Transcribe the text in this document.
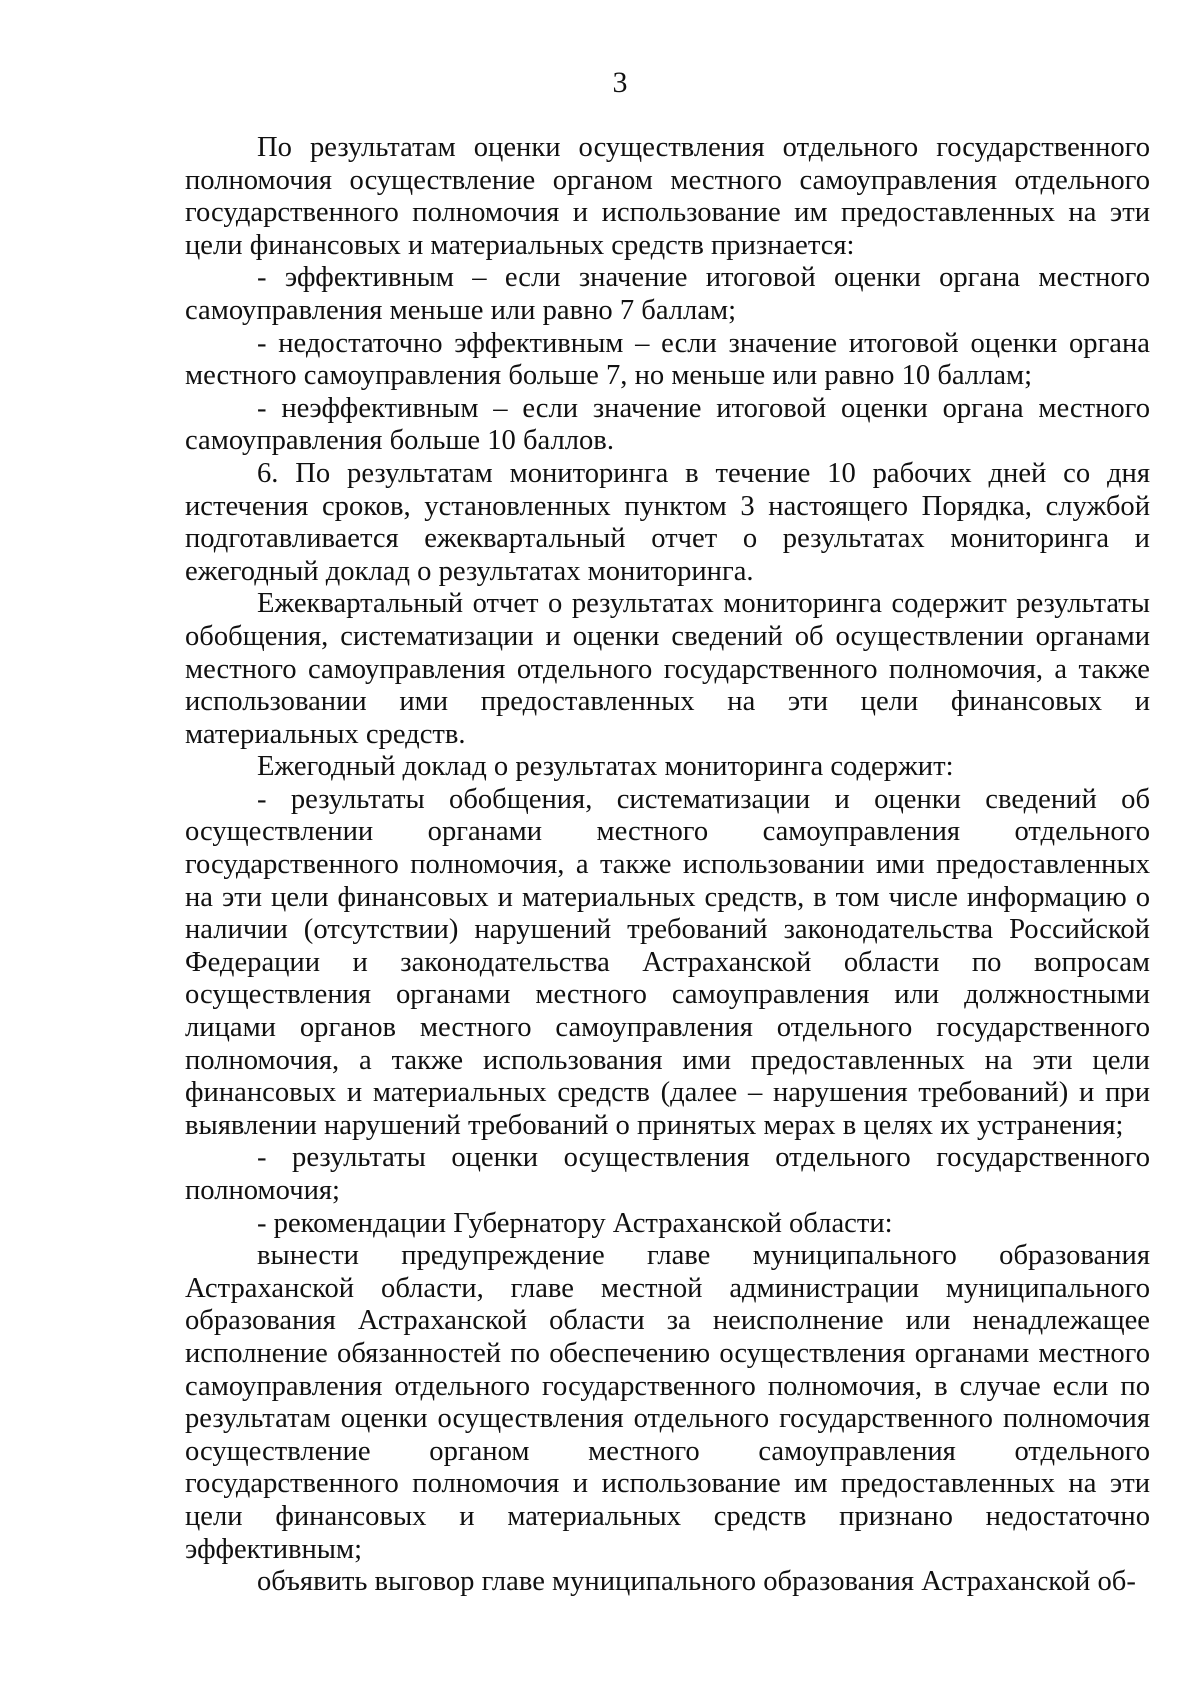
3

По результатам оценки осуществления отдельного государственного полномочия осуществление органом местного самоуправления отдельного государственного полномочия и использование им предоставленных на эти цели финансовых и материальных средств признается:

- эффективным – если значение итоговой оценки органа местного самоуправления меньше или равно 7 баллам;

- недостаточно эффективным – если значение итоговой оценки органа местного самоуправления больше 7, но меньше или равно 10 баллам;

- неэффективным – если значение итоговой оценки органа местного самоуправления больше 10 баллов.

6. По результатам мониторинга в течение 10 рабочих дней со дня истечения сроков, установленных пунктом 3 настоящего Порядка, службой подготавливается ежеквартальный отчет о результатах мониторинга и ежегодный доклад о результатах мониторинга.

Ежеквартальный отчет о результатах мониторинга содержит результаты обобщения, систематизации и оценки сведений об осуществлении органами местного самоуправления отдельного государственного полномочия, а также использовании ими предоставленных на эти цели финансовых и материальных средств.

Ежегодный доклад о результатах мониторинга содержит:

- результаты обобщения, систематизации и оценки сведений об осуществлении органами местного самоуправления отдельного государственного полномочия, а также использовании ими предоставленных на эти цели финансовых и материальных средств, в том числе информацию о наличии (отсутствии) нарушений требований законодательства Российской Федерации и законодательства Астраханской области по вопросам осуществления органами местного самоуправления или должностными лицами органов местного самоуправления отдельного государственного полномочия, а также использования ими предоставленных на эти цели финансовых и материальных средств (далее – нарушения требований) и при выявлении нарушений требований о принятых мерах в целях их устранения;

- результаты оценки осуществления отдельного государственного полномочия;

- рекомендации Губернатору Астраханской области:

вынести предупреждение главе муниципального образования Астраханской области, главе местной администрации муниципального образования Астраханской области за неисполнение или ненадлежащее исполнение обязанностей по обеспечению осуществления органами местного самоуправления отдельного государственного полномочия, в случае если по результатам оценки осуществления отдельного государственного полномочия осуществление органом местного самоуправления отдельного государственного полномочия и использование им предоставленных на эти цели финансовых и материальных средств признано недостаточно эффективным;

объявить выговор главе муниципального образования Астраханской об-
